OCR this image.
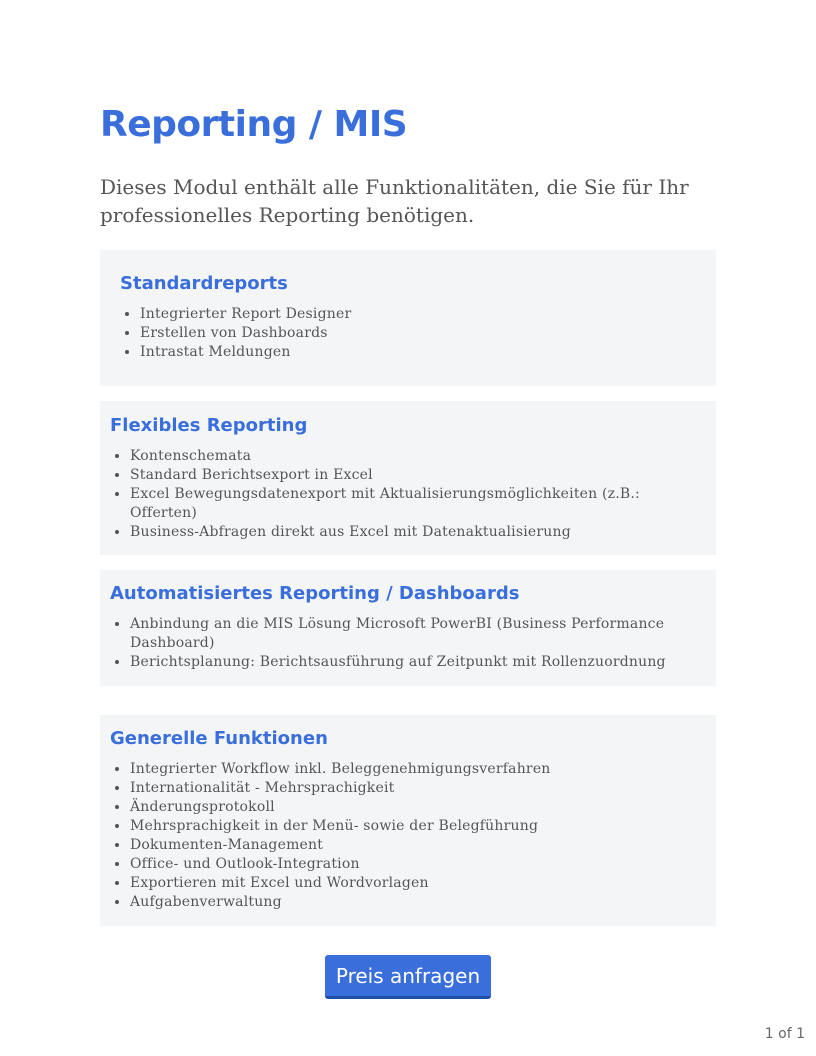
Reporting / MIS

Dieses Modul enthält alle Funktionalitäten, die Sie für Ihr professionelles Reporting benötigen.

Standardreports
• Integrierter Report Designer
• Erstellen von Dashboards
• Intrastat Meldungen
Flexibles Reporting
• Kontenschemata
• Standard Berichtsexport in Excel
• Excel Bewegungsdatenexport mit Aktualisierungsmöglichkeiten (z.B.: Offerten)
• Business-Abfragen direkt aus Excel mit Datenaktualisierung
Automatisiertes Reporting / Dashboards
• Anbindung an die MIS Lösung Microsoft PowerBI (Business Performance Dashboard)
• Berichtsplanung: Berichtsausführung auf Zeitpunkt mit Rollenzuordnung
Generelle Funktionen
• Integrierter Workflow inkl. Beleggenehmigungsverfahren
• Internationalität - Mehrsprachigkeit
• Änderungsprotokoll
• Mehrsprachigkeit in der Menü- sowie der Belegführung
• Dokumenten-Management
• Office- und Outlook-Integration
• Exportieren mit Excel und Wordvorlagen
• Aufgabenverwaltung
Preis anfragen
1 of 1
